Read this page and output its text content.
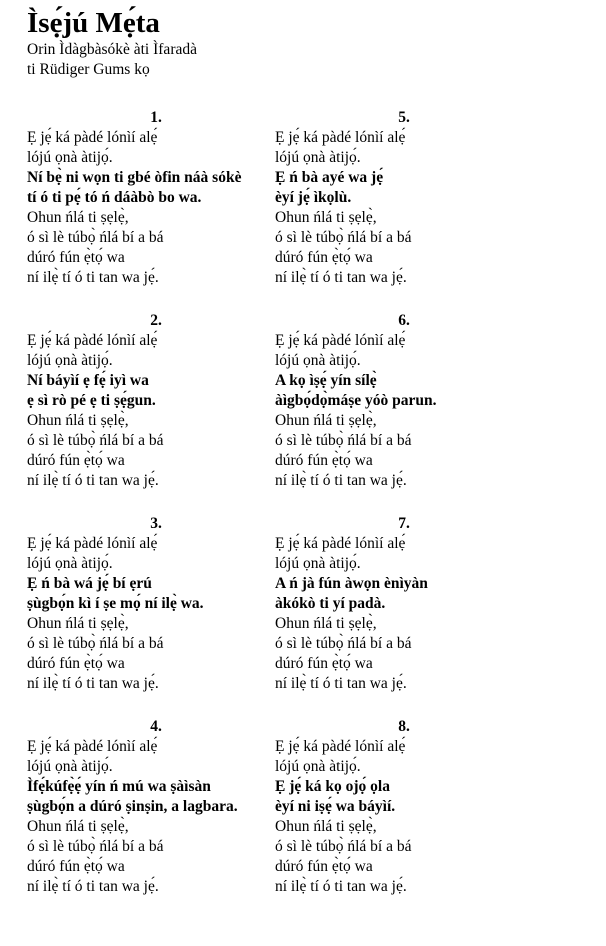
Ìsẹ́jú Mẹ́ta
Orin Ìdàgbàsókè àti Ìfaradà
ti Rüdiger Gums kọ
1.
Ẹ jẹ́ ká pàdé lónìí alẹ́
lójú ọnà àtijọ́.
Ní bẹ̀ ni wọn ti gbé òfin náà sókè
tí ó ti pẹ́ tó ń dáàbò bo wa.
Ohun ńlá ti ṣẹlẹ̀,
ó sì lè túbọ̀ ńlá bí a bá
dúró fún ẹ̀tọ́ wa
ní ilẹ̀ tí ó ti tan wa jẹ́.
2.
Ẹ jẹ́ ká pàdé lónìí alẹ́
lójú ọnà àtijọ́.
Ní báyìí ẹ fẹ́ iyì wa
ẹ sì rò pé ẹ ti ṣẹ́gun.
Ohun ńlá ti ṣẹlẹ̀,
ó sì lè túbọ̀ ńlá bí a bá
dúró fún ẹ̀tọ́ wa
ní ilẹ̀ tí ó ti tan wa jẹ́.
3.
Ẹ jẹ́ ká pàdé lónìí alẹ́
lójú ọnà àtijọ́.
Ẹ ń bà wá jẹ́ bí ẹrú
ṣùgbọ́n kì í ṣe mọ́ ní ilẹ̀ wa.
Ohun ńlá ti ṣẹlẹ̀,
ó sì lè túbọ̀ ńlá bí a bá
dúró fún ẹ̀tọ́ wa
ní ilẹ̀ tí ó ti tan wa jẹ́.
4.
Ẹ jẹ́ ká pàdé lónìí alẹ́
lójú ọnà àtijọ́.
Ìfẹ́kúfẹ̀ẹ́ yín ń mú wa ṣàìsàn
ṣùgbọ́n a dúró ṣinṣin, a lagbara.
Ohun ńlá ti ṣẹlẹ̀,
ó sì lè túbọ̀ ńlá bí a bá
dúró fún ẹ̀tọ́ wa
ní ilẹ̀ tí ó ti tan wa jẹ́.
5.
Ẹ jẹ́ ká pàdé lónìí alẹ́
lójú ọnà àtijọ́.
Ẹ ń bà ayé wa jẹ́
èyí jẹ́ ìkọlù.
Ohun ńlá ti ṣẹlẹ̀,
ó sì lè túbọ̀ ńlá bí a bá
dúró fún ẹ̀tọ́ wa
ní ilẹ̀ tí ó ti tan wa jẹ́.
6.
Ẹ jẹ́ ká pàdé lónìí alẹ́
lójú ọnà àtijọ́.
A kọ ìṣẹ́ yín sílẹ̀
àìgbọ́dọ̀máṣe yóò parun.
Ohun ńlá ti ṣẹlẹ̀,
ó sì lè túbọ̀ ńlá bí a bá
dúró fún ẹ̀tọ́ wa
ní ilẹ̀ tí ó ti tan wa jẹ́.
7.
Ẹ jẹ́ ká pàdé lónìí alẹ́
lójú ọnà àtijọ́.
A ń jà fún àwọn ènìyàn
àkókò ti yí padà.
Ohun ńlá ti ṣẹlẹ̀,
ó sì lè túbọ̀ ńlá bí a bá
dúró fún ẹ̀tọ́ wa
ní ilẹ̀ tí ó ti tan wa jẹ́.
8.
Ẹ jẹ́ ká pàdé lónìí alẹ́
lójú ọnà àtijọ́.
Ẹ jẹ́ ká kọ ojọ́ ọla
èyí ni iṣẹ́ wa báyìí.
Ohun ńlá ti ṣẹlẹ̀,
ó sì lè túbọ̀ ńlá bí a bá
dúró fún ẹ̀tọ́ wa
ní ilẹ̀ tí ó ti tan wa jẹ́.
